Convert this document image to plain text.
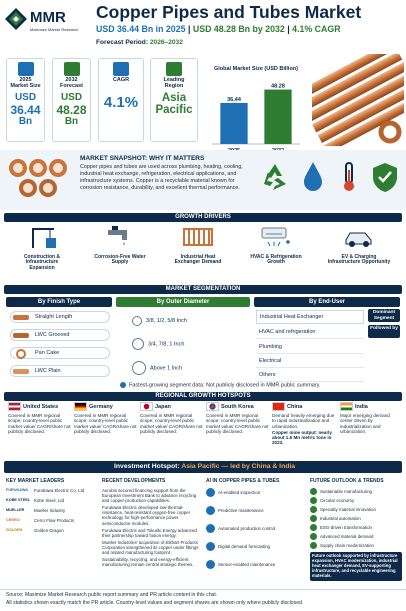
MMR
Maximize Market Research
Copper Pipes and Tubes Market
USD 36.44 Bn in 2025 | USD 48.28 Bn by 2032 | 4.1% CAGR
Forecast Period: 2026–2032
2025
Market Size
USD
36.44
Bn
2032
Forecast
USD
48.28
Bn
CAGR
4.1%
Leading
Region
Asia
Pacific
Global Market Size (USD Billion)
36.44
48.28
MARKET SNAPSHOT: WHY IT MATTERS
Copper pipes and tubes are used across plumbing, heating, cooling, industrial heat exchange, refrigeration, electrical applications, and infrastructure systems. Copper is a recyclable material known for corrosion resistance, durability, and excellent thermal performance.
GROWTH DRIVERS
Construction & Infrastructure Expansion
Corrosion-Free Water Supply
Industrial Heat Exchanger Demand
HVAC & Refrigeration Growth
EV & Charging Infrastructure Opportunity
MARKET SEGMENTATION
By Finish Type
Straight Length
LWC Grooved
Pan Cake
LWC Plain
By Outer Diameter
3/8, 1/2, 5/8 Inch
3/4, 7/8, 1 Inch
Above 1 Inch
By End-User
Industrial Heat Exchanger
HVAC and refrigeration
Plumbing
Electrical
Others
Dominant Segment
Followed by
Fastest-growing segment data: Not publicly disclosed in MMR public summary.
REGIONAL GROWTH HOTSPOTS
United States
Covered in MMR regional scope; country-level public market value/ CAGR/share not publicly disclosed.
Germany
Covered in MMR regional scope; country-level public market value/ CAGR/share not publicly disclosed.
Japan
Covered in MMR regional scope; country-level public market value/ CAGR/share not publicly disclosed.
South Korea
Covered in MMR regional scope; country-level public market value/ CAGR/share not publicly disclosed.
China
Demand heavily emerging due to rapid industrialization and urbanization.
Copper mine output: nearly about 1.6 Mn metric tons in 2023.
India
Major emerging demand center driven by industrialization and urbanization.
Investment Hotspot: Asia Pacific — led by China & India
KEY MARKET LEADERS
FURUKAWA	Furukawa Electric Co, Ltd
KOBE STEEL Kobe Steel, Ltd
MUELLER	Mueller Industry
CERRO	Cerro Flow Products
GOLDEN	Golden Dragon
RECENT DEVELOPMENTS
Aurubis secured financing support from the European Investment Bank to advance recycling and copper-production capabilities.
Furukawa Electric developed low-thermal-resistance, heat-resistant oxygen-free copper technology for high-performance power semiconductor modules.
Furukawa Electric and Tokuriki Energy advanced their partnership toward fusion energy.
Mueller Industries' acquisition of Elkhart Products Corporation strengthened its copper under fittings and related manufacturing footprint.
Sustainability, recycling, and energy-efficient manufacturing remain central strategic themes.
AI IN COPPER PIPES & TUBES
AI-enabled inspection
Predictive maintenance
Automated production control
Digital demand forecasting
Sensor-enabled maintenance
FUTURE OUTLOOK & TRENDS
Sustainable manufacturing
Circular economy
Specialty material innovation
Industrial automation
ESG-driven transformation
Advanced material demand
Supply chain modernization
Future outlook supported by infrastructure expansion, HVAC modernization, industrial heat exchanger demand, EV-supporting infrastructure, and recyclable engineering materials.
Source: Maximize Market Research public report summary and PR article content in this chat.
All statistics shown exactly match the PR article. Country-level values and segment shares are shown only where publicly disclosed.
